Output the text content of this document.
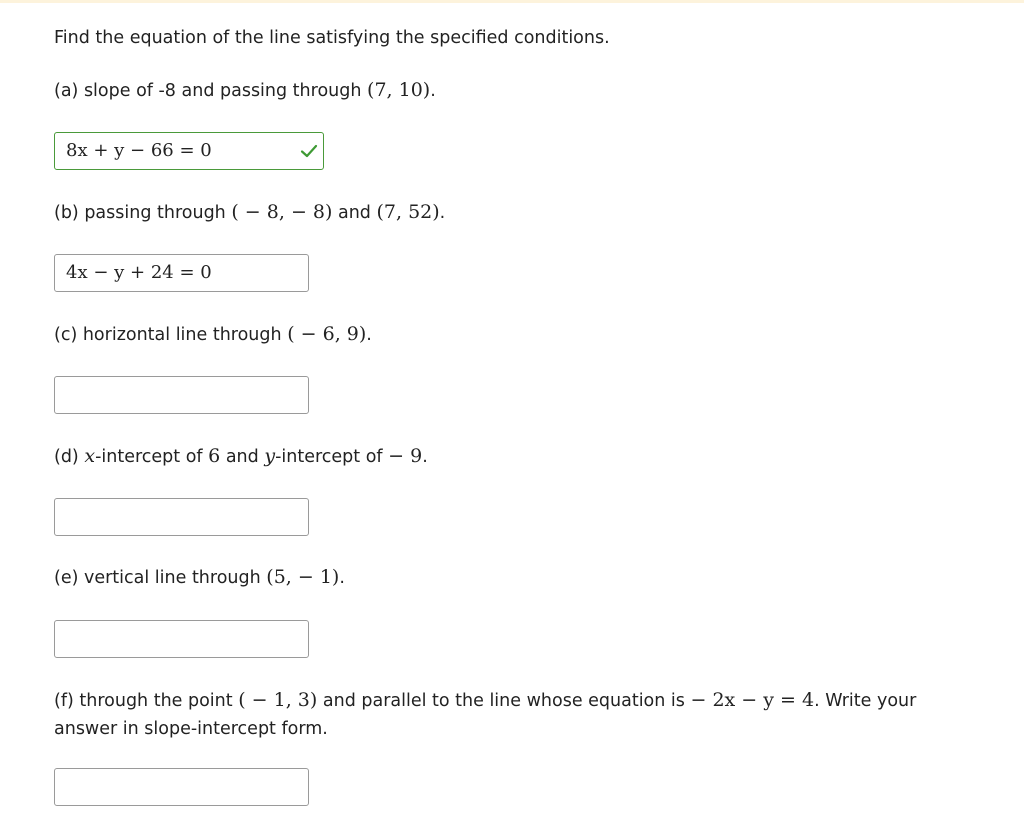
Find the equation of the line satisfying the specified conditions.
(a) slope of -8 and passing through (7, 10).
8x + y − 66 = 0
(b) passing through ( − 8, − 8) and (7, 52).
4x − y + 24 = 0
(c) horizontal line through ( − 6, 9).
(d) x-intercept of 6 and y-intercept of − 9.
(e) vertical line through (5, − 1).
(f) through the point ( − 1, 3) and parallel to the line whose equation is − 2x − y = 4. Write your answer in slope-intercept form.
